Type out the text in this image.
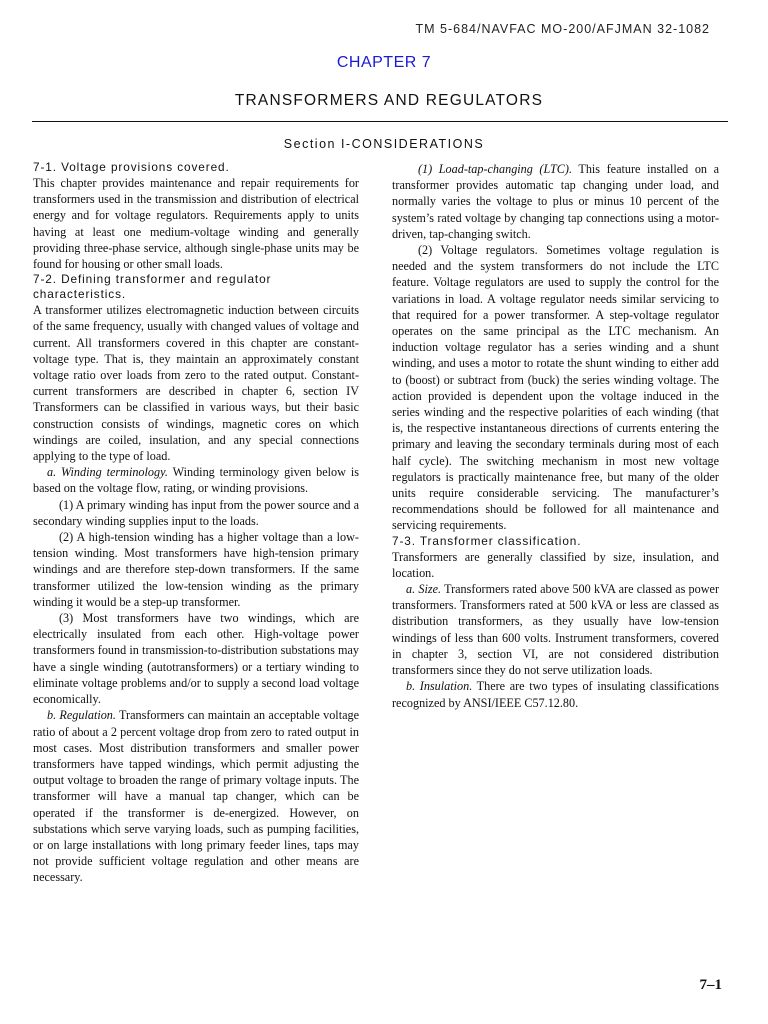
TM 5-684/NAVFAC MO-200/AFJMAN 32-1082
CHAPTER 7
TRANSFORMERS AND REGULATORS
Section I-CONSIDERATIONS

7-1. Voltage provisions covered.

This chapter provides maintenance and repair requirements for transformers used in the transmission and distribution of electrical energy and for voltage regulators. Requirements apply to units having at least one medium-voltage winding and generally providing three-phase service, although single-phase units may be found for housing or other small loads.

7-2. Defining transformer and regulator characteristics.

A transformer utilizes electromagnetic induction between circuits of the same frequency, usually with changed values of voltage and current. All transformers covered in this chapter are constant-voltage type. That is, they maintain an approximately constant voltage ratio over loads from zero to the rated output. Constant-current transformers are described in chapter 6, section IV Transformers can be classified in various ways, but their basic construction consists of windings, magnetic cores on which windings are coiled, insulation, and any special connections applying to the type of load.

a. Winding terminology. Winding terminology given below is based on the voltage flow, rating, or winding provisions.

(1) A primary winding has input from the power source and a secondary winding supplies input to the loads.

(2) A high-tension winding has a higher voltage than a low-tension winding. Most transformers have high-tension primary windings and are therefore step-down transformers. If the same transformer utilized the low-tension winding as the primary winding it would be a step-up transformer.

(3) Most transformers have two windings, which are electrically insulated from each other. High-voltage power transformers found in transmission-to-distribution substations may have a single winding (autotransformers) or a tertiary winding to eliminate voltage problems and/or to supply a second load voltage economically.

b. Regulation. Transformers can maintain an acceptable voltage ratio of about a 2 percent voltage drop from zero to rated output in most cases. Most distribution transformers and smaller power transformers have tapped windings, which permit adjusting the output voltage to broaden the range of primary voltage inputs. The transformer will have a manual tap changer, which can be operated if the transformer is de-energized. However, on substations which serve varying loads, such as pumping facilities, or on large installations with long primary feeder lines, taps may not provide sufficient voltage regulation and other means are necessary.

(1) Load-tap-changing (LTC). This feature installed on a transformer provides automatic tap changing under load, and normally varies the voltage to plus or minus 10 percent of the system’s rated voltage by changing tap connections using a motor-driven, tap-changing switch.

(2) Voltage regulators. Sometimes voltage regulation is needed and the system transformers do not include the LTC feature. Voltage regulators are used to supply the control for the variations in load. A voltage regulator needs similar servicing to that required for a power transformer. A step-voltage regulator operates on the same principal as the LTC mechanism. An induction voltage regulator has a series winding and a shunt winding, and uses a motor to rotate the shunt winding to either add to (boost) or subtract from (buck) the series winding voltage. The action provided is dependent upon the voltage induced in the series winding and the respective polarities of each winding (that is, the respective instantaneous directions of currents entering the primary and leaving the secondary terminals during most of each half cycle). The switching mechanism in most new voltage regulators is practically maintenance free, but many of the older units require considerable servicing. The manufacturer’s recommendations should be followed for all maintenance and servicing requirements.

7-3. Transformer classification.

Transformers are generally classified by size, insulation, and location.

a. Size. Transformers rated above 500 kVA are classed as power transformers. Transformers rated at 500 kVA or less are classed as distribution transformers, as they usually have low-tension windings of less than 600 volts. Instrument transformers, covered in chapter 3, section VI, are not considered distribution transformers since they do not serve utilization loads.

b. Insulation. There are two types of insulating classifications recognized by ANSI/IEEE C57.12.80.

7–1
